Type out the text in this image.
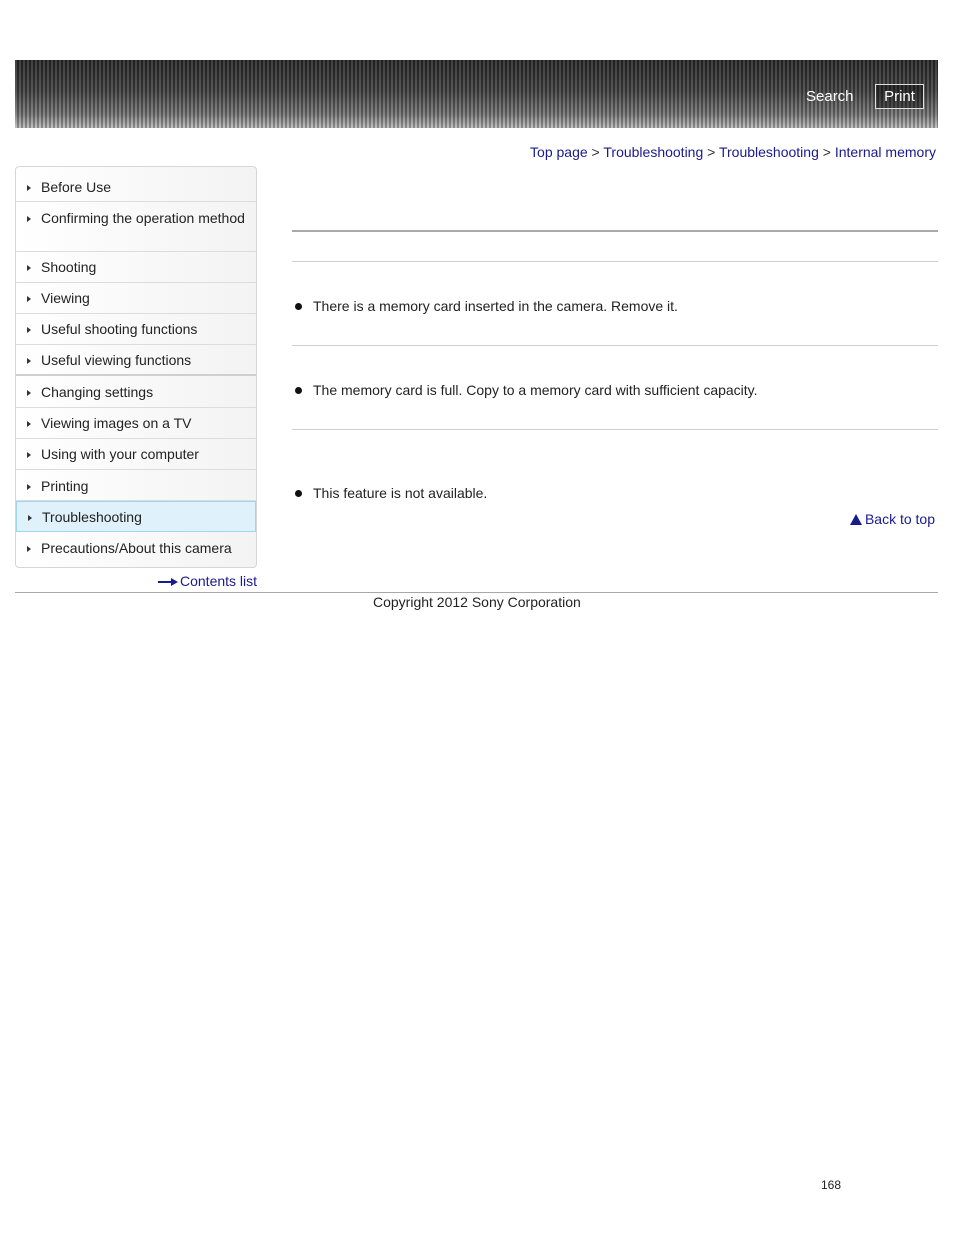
Search	Print
Top page > Troubleshooting > Troubleshooting > Internal memory
Before Use
Confirming the operation method
Shooting
Viewing
Useful shooting functions
Useful viewing functions
Changing settings
Viewing images on a TV
Using with your computer
Printing
Troubleshooting
Precautions/About this camera
Contents list
There is a memory card inserted in the camera. Remove it.
The memory card is full. Copy to a memory card with sufficient capacity.
This feature is not available.
Back to top
Copyright 2012 Sony Corporation
168
